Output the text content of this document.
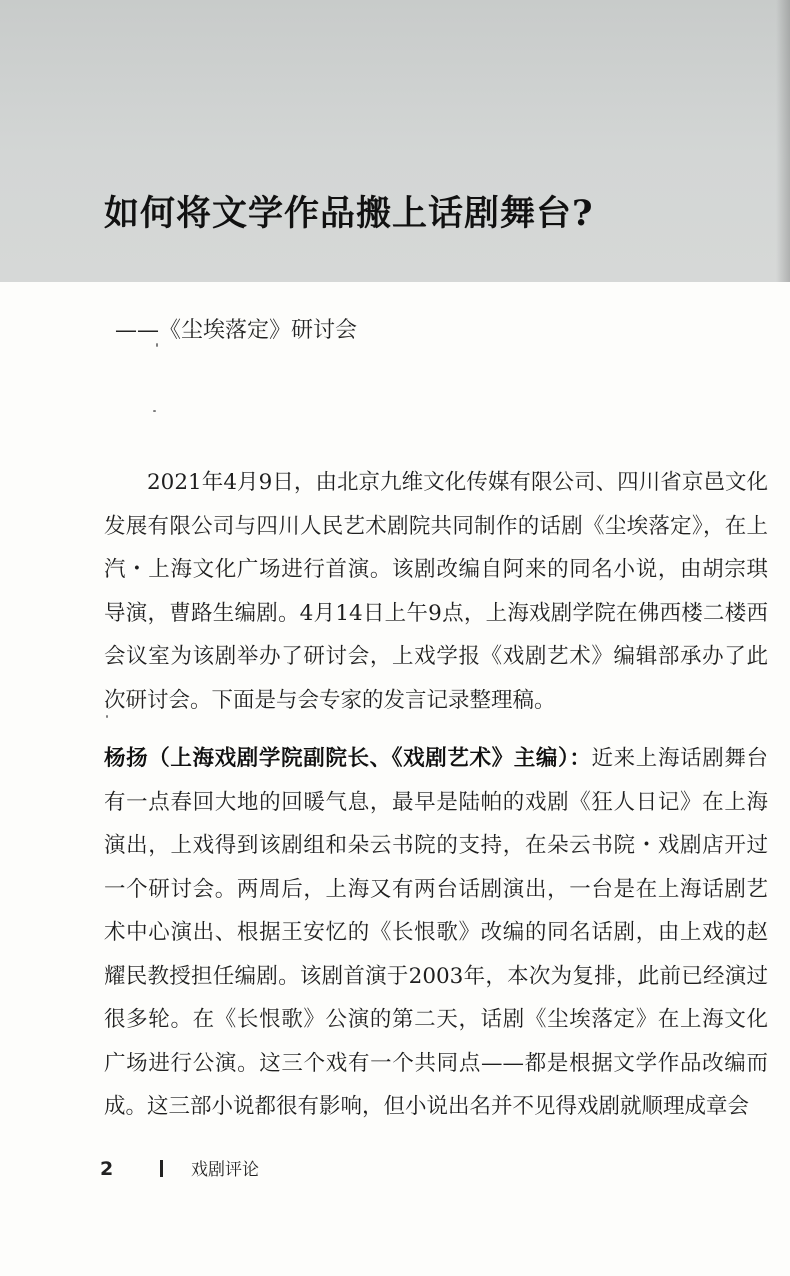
如何将文学作品搬上话剧舞台?
——《尘埃落定》研讨会

2021年4月9日，由北京九维文化传媒有限公司、四川省京邑文化发展有限公司与四川人民艺术剧院共同制作的话剧《尘埃落定》，在上汽・上海文化广场进行首演。该剧改编自阿来的同名小说，由胡宗琪导演，曹路生编剧。4月14日上午9点，上海戏剧学院在佛西楼二楼西会议室为该剧举办了研讨会，上戏学报《戏剧艺术》编辑部承办了此次研讨会。下面是与会专家的发言记录整理稿。

杨扬（上海戏剧学院副院长、《戏剧艺术》主编）：近来上海话剧舞台有一点春回大地的回暖气息，最早是陆帕的戏剧《狂人日记》在上海演出，上戏得到该剧组和朵云书院的支持，在朵云书院・戏剧店开过一个研讨会。两周后，上海又有两台话剧演出，一台是在上海话剧艺术中心演出、根据王安忆的《长恨歌》改编的同名话剧，由上戏的赵耀民教授担任编剧。该剧首演于2003年，本次为复排，此前已经演过很多轮。在《长恨歌》公演的第二天，话剧《尘埃落定》在上海文化广场进行公演。这三个戏有一个共同点——都是根据文学作品改编而成。这三部小说都很有影响，但小说出名并不见得戏剧就顺理成章会

2	戏剧评论
